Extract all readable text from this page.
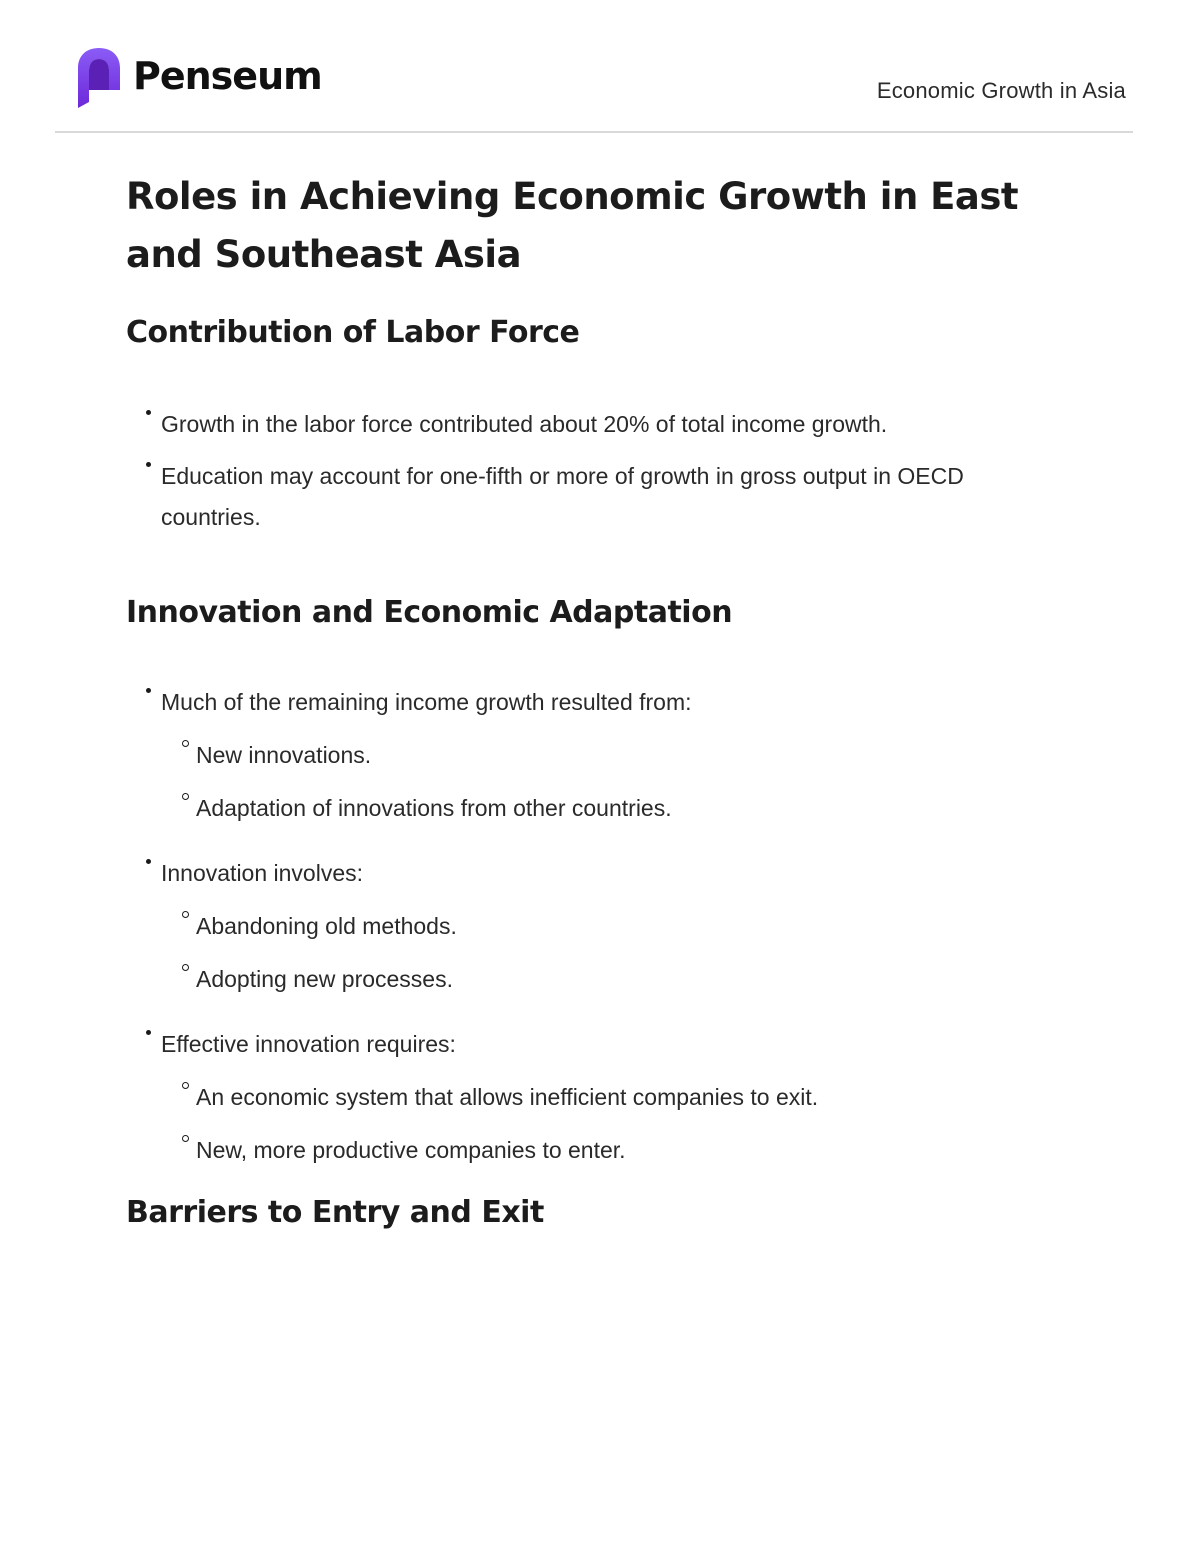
Penseum	Economic Growth in Asia
Roles in Achieving Economic Growth in East and Southeast Asia
Contribution of Labor Force
Growth in the labor force contributed about 20% of total income growth.
Education may account for one-fifth or more of growth in gross output in OECD countries.
Innovation and Economic Adaptation
Much of the remaining income growth resulted from:
New innovations.
Adaptation of innovations from other countries.
Innovation involves:
Abandoning old methods.
Adopting new processes.
Effective innovation requires:
An economic system that allows inefficient companies to exit.
New, more productive companies to enter.
Barriers to Entry and Exit
